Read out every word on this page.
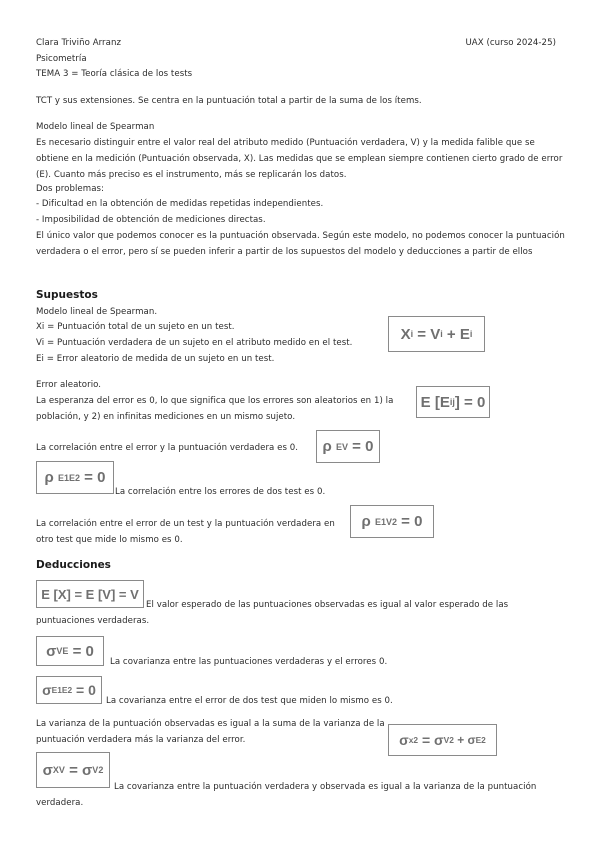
Clara Triviño Arranz	UAX (curso 2024-25)
Psicometría
TEMA 3 = Teoría clásica de los tests
TCT y sus extensiones. Se centra en la puntuación total a partir de la suma de los ítems.
Modelo lineal de Spearman
Es necesario distinguir entre el valor real del atributo medido (Puntuación verdadera, V) y la medida falible que se obtiene en la medición (Puntuación observada, X). Las medidas que se emplean siempre contienen cierto grado de error (E). Cuanto más preciso es el instrumento, más se replicarán los datos.
Dos problemas:
- Dificultad en la obtención de medidas repetidas independientes.
- Imposibilidad de obtención de mediciones directas.
El único valor que podemos conocer es la puntuación observada. Según este modelo, no podemos conocer la puntuación verdadera o el error, pero sí se pueden inferir a partir de los supuestos del modelo y deducciones a partir de ellos
Supuestos
Modelo lineal de Spearman.
Xi = Puntuación total de un sujeto en un test.
Vi = Puntuación verdadera de un sujeto en el atributo medido en el test.
Ei = Error aleatorio de medida de un sujeto en un test.
X i = V i + E i
Error aleatorio.
La esperanza del error es 0, lo que significa que los errores son aleatorios en 1) la población, y 2) en infinitas mediciones en un mismo sujeto.
E [E ij ] = 0
La correlación entre el error y la puntuación verdadera es 0. ρ
EV = 0
ρ
E1E2 = 0
La correlación entre los errores de dos test es 0.
La correlación entre el error de un test y la puntuación verdadera en otro test que mide lo mismo es 0.
ρ
E1V2 = 0
Deducciones
E [X] = E [V] = V
El valor esperado de las puntuaciones observadas es igual al valor esperado de las
puntuaciones verdaderas.
σ VE = 0
La covarianza entre las puntuaciones verdaderas y el errores 0.
σ E1E2 = 0
La covarianza entre el error de dos test que miden lo mismo es 0.
La varianza de la puntuación observadas es igual a la suma de la varianza de la puntuación verdadera más la varianza del error.	σ x 2 = σ V 2 + σ E 2
σ XV = σ V 2
La covarianza entre la puntuación verdadera y observada es igual a la varianza de la puntuación
verdadera.
